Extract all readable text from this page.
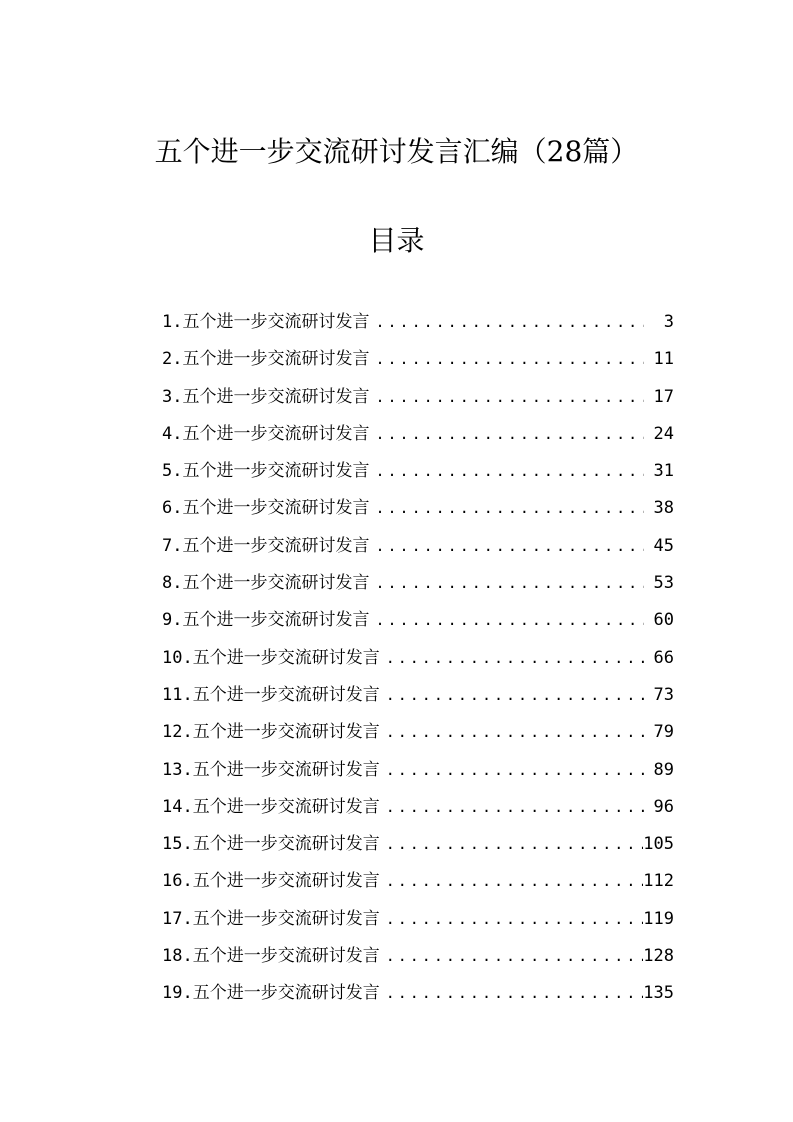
五个进一步交流研讨发言汇编（28篇）
目录
1.五个进一步交流研讨发言 .....	3
2.五个进一步交流研讨发言 .....	11
3.五个进一步交流研讨发言 .....	17
4.五个进一步交流研讨发言 .....	24
5.五个进一步交流研讨发言 .....	31
6.五个进一步交流研讨发言 .....	38
7.五个进一步交流研讨发言 .....	45
8.五个进一步交流研讨发言 .....	53
9.五个进一步交流研讨发言 .....	60
10.五个进一步交流研讨发言 .....	66
11.五个进一步交流研讨发言 .....	73
12.五个进一步交流研讨发言 .....	79
13.五个进一步交流研讨发言 .....	89
14.五个进一步交流研讨发言 .....	96
15.五个进一步交流研讨发言 .....	105
16.五个进一步交流研讨发言 .....	112
17.五个进一步交流研讨发言 .....	119
18.五个进一步交流研讨发言 .....	128
19.五个进一步交流研讨发言 .....	135
